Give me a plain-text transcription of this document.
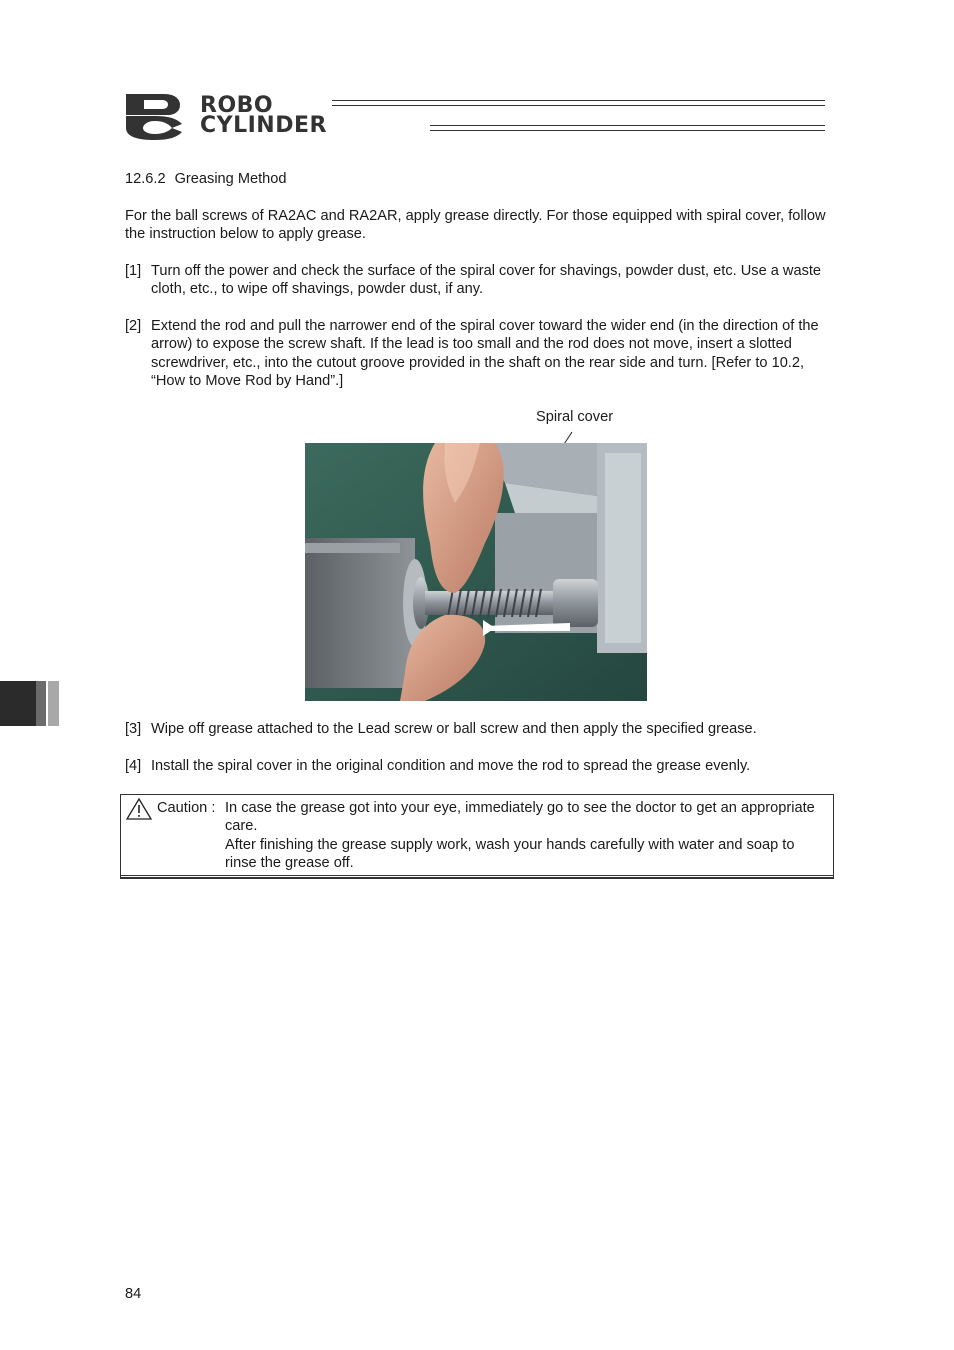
ROBO
CYLINDER
12.6.2 Greasing Method
For the ball screws of RA2AC and RA2AR, apply grease directly. For those equipped with spiral cover, follow the instruction below to apply grease.
[1] Turn off the power and check the surface of the spiral cover for shavings, powder dust, etc. Use a waste cloth, etc., to wipe off shavings, powder dust, if any.
[2] Extend the rod and pull the narrower end of the spiral cover toward the wider end (in the direction of the arrow) to expose the screw shaft. If the lead is too small and the rod does not move, insert a slotted screwdriver, etc., into the cutout groove provided in the shaft on the rear side and turn. [Refer to 10.2, “How to Move Rod by Hand”.]
Spiral cover
[3] Wipe off grease attached to the Lead screw or ball screw and then apply the specified grease.
[4] Install the spiral cover in the original condition and move the rod to spread the grease evenly.
Caution : In case the grease got into your eye, immediately go to see the doctor to get an appropriate care.
After finishing the grease supply work, wash your hands carefully with water and soap to rinse the grease off.
84
